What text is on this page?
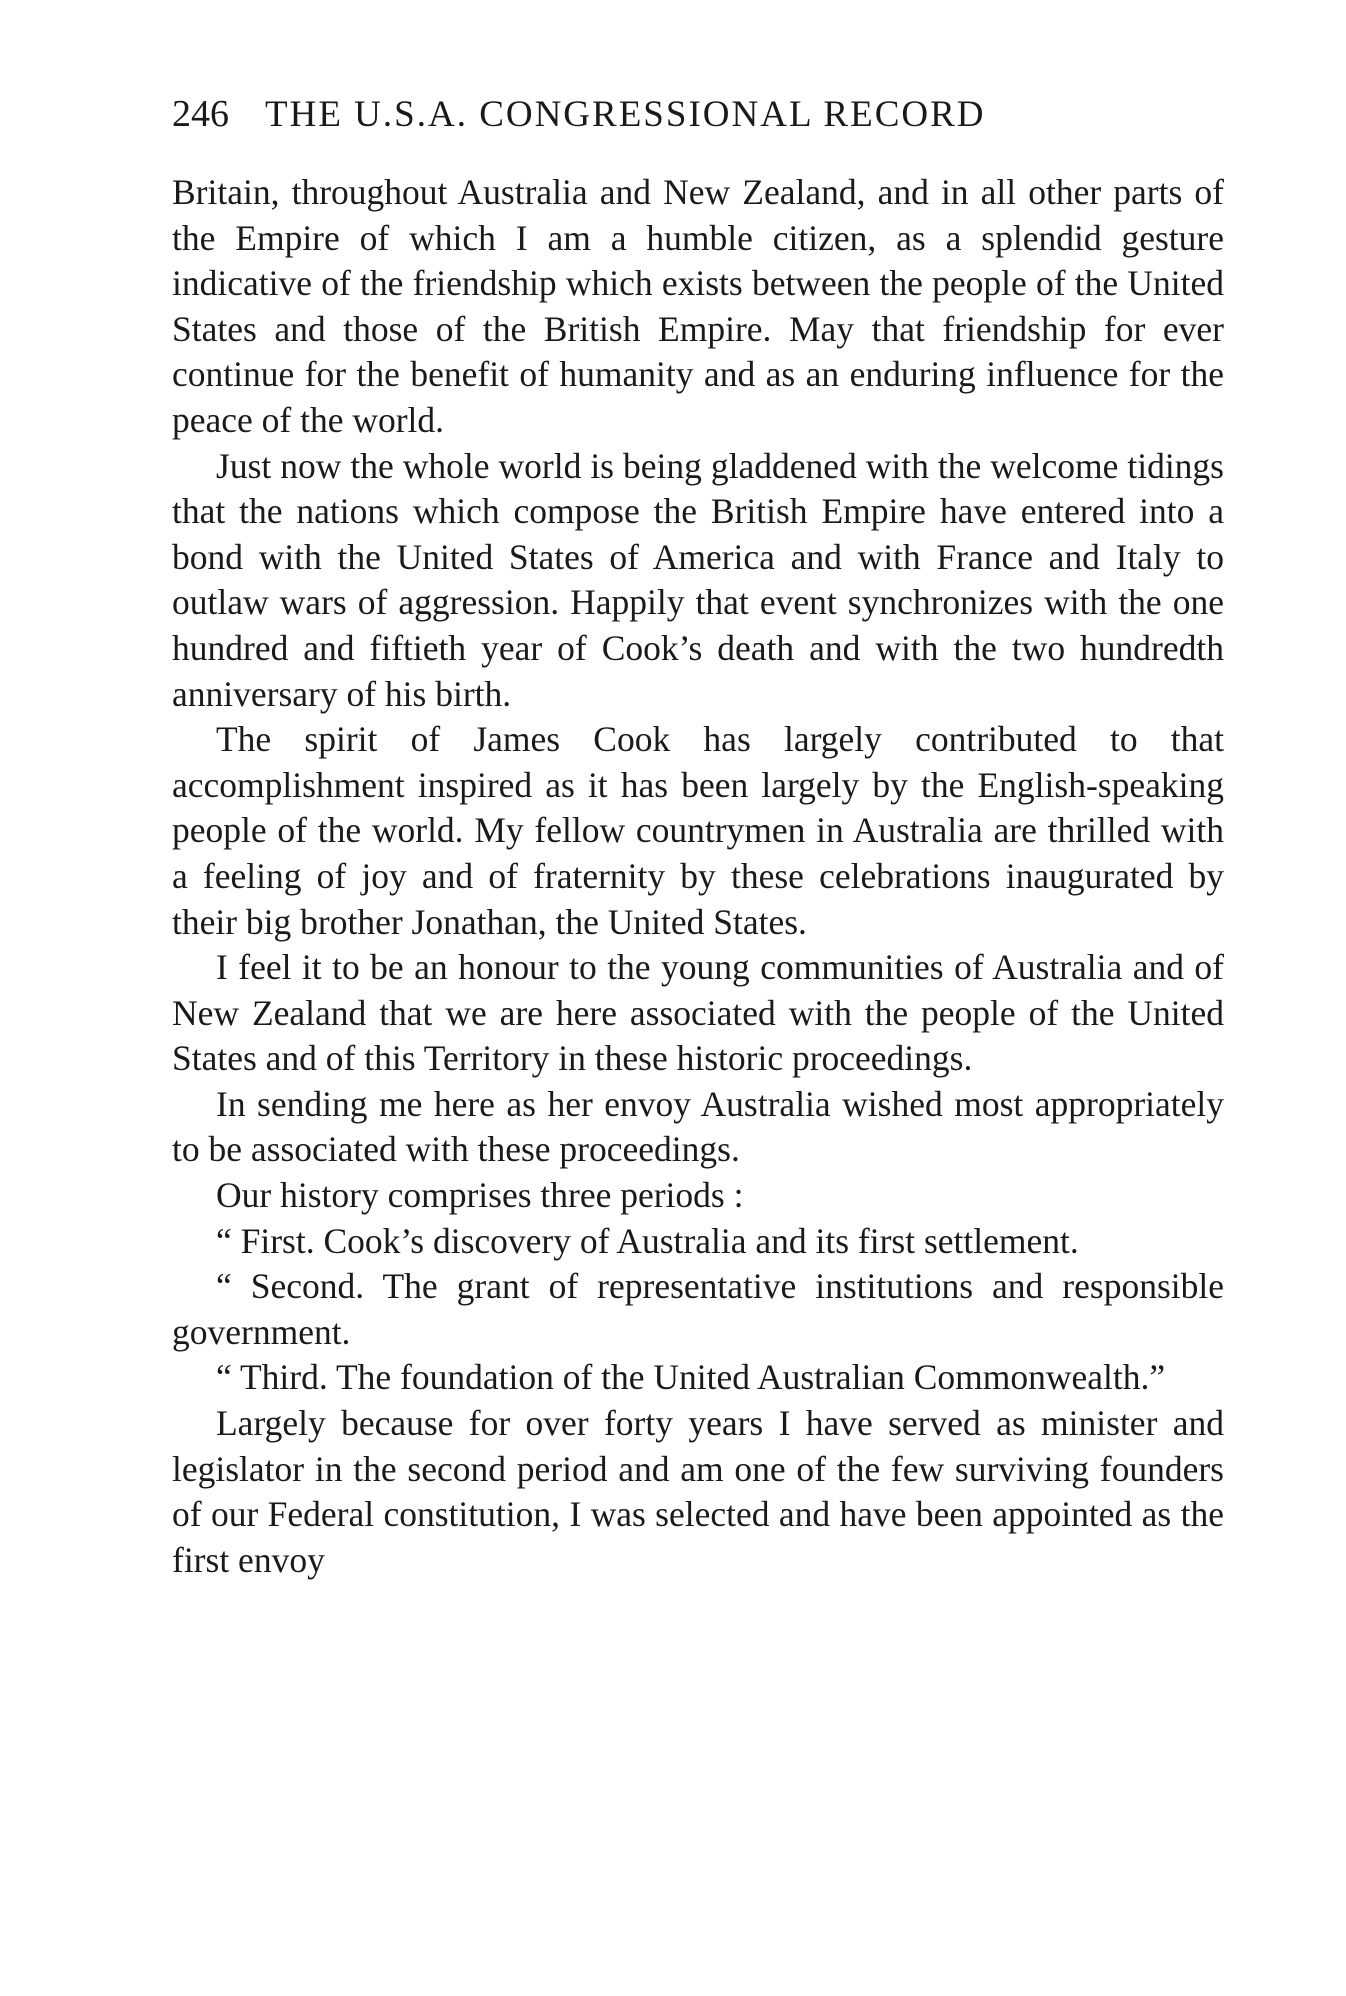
246 THE U.S.A. CONGRESSIONAL RECORD

Britain, throughout Australia and New Zealand, and in all other parts of the Empire of which I am a humble citizen, as a splendid gesture indicative of the friendship which exists between the people of the United States and those of the British Empire. May that friendship for ever continue for the benefit of humanity and as an enduring influence for the peace of the world.

Just now the whole world is being gladdened with the welcome tidings that the nations which compose the British Empire have entered into a bond with the United States of America and with France and Italy to outlaw wars of aggression. Happily that event synchronizes with the one hundred and fiftieth year of Cook’s death and with the two hundredth anniversary of his birth.

The spirit of James Cook has largely contributed to that accomplishment inspired as it has been largely by the English-speaking people of the world. My fellow countrymen in Australia are thrilled with a feeling of joy and of fraternity by these celebrations inaugurated by their big brother Jonathan, the United States.

I feel it to be an honour to the young communities of Australia and of New Zealand that we are here associated with the people of the United States and of this Territory in these historic proceedings.

In sending me here as her envoy Australia wished most appropriately to be associated with these proceedings.

Our history comprises three periods :

“ First. Cook’s discovery of Australia and its first settlement.

“ Second. The grant of representative institutions and responsible government.

“ Third. The foundation of the United Australian Commonwealth.”

Largely because for over forty years I have served as minister and legislator in the second period and am one of the few surviving founders of our Federal constitution, I was selected and have been appointed as the first envoy
